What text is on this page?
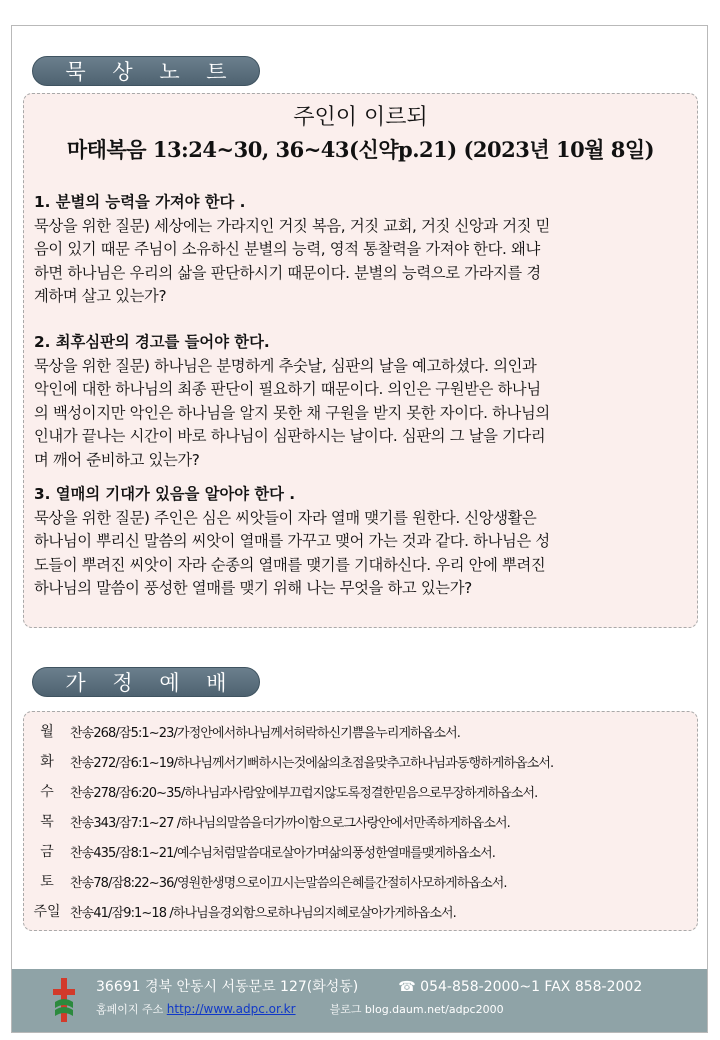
묵 상 노 트
주인이 이르되
마태복음 13:24~30, 36~43(신약p.21) (2023년 10월 8일)

1. 분별의 능력을 가져야 한다 .

묵상을 위한 질문) 세상에는 가라지인 거짓 복음, 거짓 교회, 거짓 신앙과 거짓 믿

음이 있기 때문 주님이 소유하신 분별의 능력, 영적 통찰력을 가져야 한다. 왜냐

하면 하나님은 우리의 삶을 판단하시기 때문이다. 분별의 능력으로 가라지를 경

계하며 살고 있는가?

2. 최후심판의 경고를 들어야 한다.

묵상을 위한 질문) 하나님은 분명하게 추숫날, 심판의 날을 예고하셨다. 의인과

악인에 대한 하나님의 최종 판단이 필요하기 때문이다. 의인은 구원받은 하나님

의 백성이지만 악인은 하나님을 알지 못한 채 구원을 받지 못한 자이다. 하나님의

인내가 끝나는 시간이 바로 하나님이 심판하시는 날이다. 심판의 그 날을 기다리

며 깨어 준비하고 있는가?

3. 열매의 기대가 있음을 알아야 한다 .

묵상을 위한 질문) 주인은 심은 씨앗들이 자라 열매 맺기를 원한다. 신앙생활은

하나님이 뿌리신 말씀의 씨앗이 열매를 가꾸고 맺어 가는 것과 같다. 하나님은 성

도들이 뿌려진 씨앗이 자라 순종의 열매를 맺기를 기대하신다. 우리 안에 뿌려진

하나님의 말씀이 풍성한 열매를 맺기 위해 나는 무엇을 하고 있는가?

가 정 예 배
월	찬송268/잠5:1~23/가정안에서하나님께서허락하신기쁨을누리게하옵소서.
화	찬송272/잠6:1~19/하나님께서기뻐하시는것에삶의초점을맞추고하나님과동행하게하옵소서.
수	찬송278/잠6:20~35/하나님과사람앞에부끄럽지않도록정결한믿음으로무장하게하옵소서.
목	찬송343/잠7:1~27 /하나님의말씀을더가까이함으로그사랑안에서만족하게하옵소서.
금	찬송435/잠8:1~21/예수님처럼말씀대로살아가며삶의풍성한열매를맺게하옵소서.
토	찬송78/잠8:22~36/영원한생명으로이끄시는말씀의은혜를간절히사모하게하옵소서.
주일 찬송41/잠9:1~18 /하나님을경외함으로하나님의지혜로살아가게하옵소서.
36691 경북 안동시 서동문로 127(화성동)	☎ 054-858-2000~1 FAX 858-2002
홈페이지 주소 http://www.adpc.or.kr	블로그 blog.daum.net/adpc2000
